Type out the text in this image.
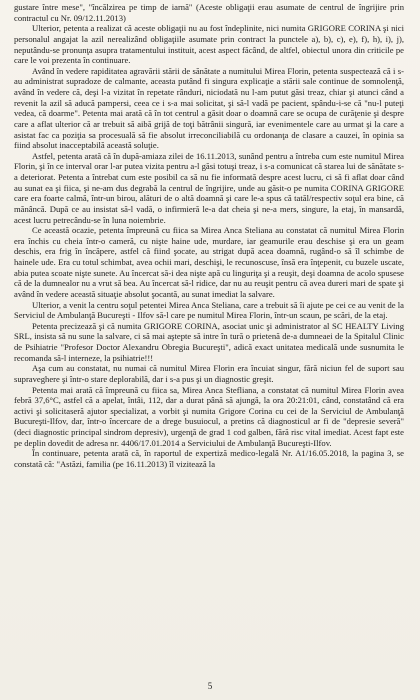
gustare între mese", "încălzirea pe timp de iarnă" (Aceste obligaţii erau asumate de centrul de îngrijire prin contractul cu Nr. 09/12.11.2013)

Ulterior, petenta a realizat că aceste obligaţii nu au fost îndeplinite, nici numita GRIGORE CORINA şi nici personalul angajat la azil nerealizând obligaţiile asumate prin contract la punctele a), b), c), e), f), h), i), j), neputându-se pronunţa asupra tratamentului instituit, acest aspect făcând, de altfel, obiectul unora din criticile pe care le voi prezenta în continuare.

Având în vedere rapiditatea agravării stării de sănătate a numitului Mirea Florin, petenta suspectează că i s-au administrat supradoze de calmante, aceasta putând fi singura explicaţie a stării sale continue de somnolenţă, având în vedere că, deşi l-a vizitat în repetate rânduri, niciodată nu l-am putut găsi treaz, chiar şi atunci când a revenit la azil să aducă pampersi, ceea ce i s-a mai solicitat, şi să-l vadă pe pacient, spându-i-se că "nu-l puteţi vedea, că doarme". Petenta mai arată că în tot centrul a găsit doar o doamnă care se ocupa de curăţenie şi despre care a aflat ulterior că ar trebuit să aibă grijă de toţi bătrânii singură, iar evenimentele care au urmat şi la care a asistat fac ca poziţia sa procesuală să fie absolut irreconciliabilă cu ordonanţa de clasare a cauzei, în opinia sa fiind absolut inacceptabilă această soluţie.

Astfel, petenta arată că în după-amiaza zilei de 16.11.2013, sunând pentru a întreba cum este numitul Mirea Florin, şi în ce interval orar l-ar putea vizita pentru a-l găsi totuşi treaz, i s-a comunicat că starea lui de sănătate s-a deteriorat. Petenta a întrebat cum este posibil ca să nu fie informată despre acest lucru, ci să fi aflat doar când au sunat ea şi fiica, şi ne-am dus degrabă la centrul de îngrijire, unde au găsit-o pe numita CORINA GRIGORE care era foarte calmă, într-un birou, alături de o altă doamnă şi care le-a spus că tatăl/respectiv soţul era bine, că mănâncă. După ce au insistat să-l vadă, o infirmieră le-a dat cheia şi ne-a mers, singure, la etaj, în mansardă, acest lucru petrecându-se în luna noiembrie.

Ce această ocazie, petenta împreună cu fiica sa Mirea Anca Steliana au constatat că numitul Mirea Florin era închis cu cheia într-o cameră, cu nişte haine ude, murdare, iar geamurile erau deschise şi era un geam deschis, era frig în încăpere, astfel că fiind şocate, au strigat după acea doamnă, rugând-o să îl schimbe de hainele ude. Era cu totul schimbat, avea ochii mari, deschişi, le recunoscuse, însă era înţepenit, cu buzele uscate, abia putea scoate nişte sunete. Au încercat să-i dea nişte apă cu linguriţa şi a reuşit, deşi doamna de acolo spusese că de la dumnealor nu a vrut să bea. Au încercat să-l ridice, dar nu au reuşit pentru că avea dureri mari de spate şi având în vedere această situaţie absolut şocantă, au sunat imediat la salvare.

Ulterior, a venit la centru soţul petentei Mirea Anca Steliana, care a trebuit să îi ajute pe cei ce au venit de la Serviciul de Ambulanţă Bucureşti - Ilfov să-l care pe numitul Mirea Florin, într-un scaun, pe scări, de la etaj.

Petenta precizează şi că numita GRIGORE CORINA, asociat unic şi administrator al SC HEALTY Living SRL, insista să nu sune la salvare, ci să mai aştepte să intre în tură o prietenă de-a dumneaei de la Spitalul Clinic de Psihiatrie "Profesor Doctor Alexandru Obregia Bucureşti", adică exact unitatea medicală unde susnumita le recomanda să-l interneze, la psihiatrie!!!

Aşa cum au constatat, nu numai că numitul Mirea Florin era încuiat singur, fără niciun fel de suport sau supraveghere şi într-o stare deplorabilă, dar i s-a pus şi un diagnostic greşit.

Petenta mai arată că împreună cu fiica sa, Mirea Anca Stefliana, a constatat că numitul Mirea Florin avea febră 37,6°C, astfel că a apelat, întâi, 112, dar a durat până să ajungă, la ora 20:21:01, când, constatând că era activi şi solicitaseră ajutor specializat, a vorbit şi numita Grigore Corina cu cei de la Serviciul de Ambulanţă Bucureşti-Ilfov, dar, într-o încercare de a drege busuiocul, a pretins că diagnosticul ar fi de "depresie severă" (deci diagnostic principal sindrom depresiv), urgenţă de grad 1 cod galben, fără risc vital imediat. Acest fapt este pe deplin dovedit de adresa nr. 4406/17.01.2014 a Serviciului de Ambulanţă Bucureşti-Ilfov.

În continuare, petenta arată că, în raportul de expertiză medico-legală Nr. A1/16.05.2018, la pagina 3, se constată că: "Astăzi, familia (pe 16.11.2013) îl vizitează la

5
